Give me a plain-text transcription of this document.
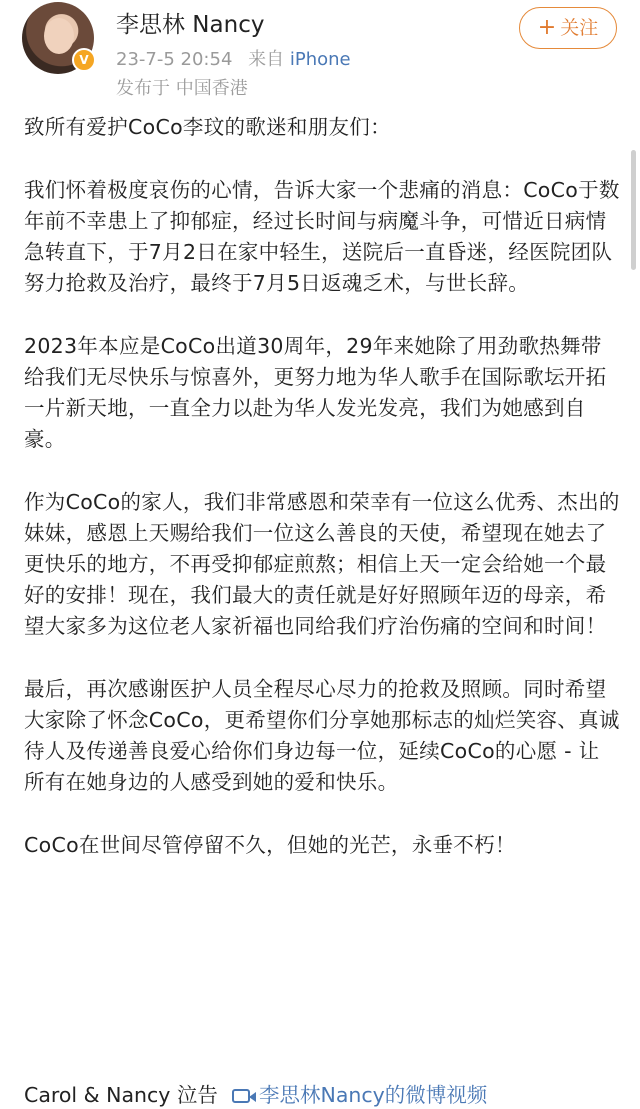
V
李思林 Nancy
23-7-5 20:54 来自 iPhone
发布于 中国香港
+ 关注

致所有爱护CoCo李玟的歌迷和朋友们：

我们怀着极度哀伤的心情，告诉大家一个悲痛的消息：CoCo于数年前不幸患上了抑郁症，经过长时间与病魔斗争，可惜近日病情急转直下，于7月2日在家中轻生，送院后一直昏迷，经医院团队努力抢救及治疗，最终于7月5日返魂乏术，与世长辞。

2023年本应是CoCo出道30周年，29年来她除了用劲歌热舞带给我们无尽快乐与惊喜外，更努力地为华人歌手在国际歌坛开拓一片新天地，一直全力以赴为华人发光发亮，我们为她感到自豪。

作为CoCo的家人，我们非常感恩和荣幸有一位这么优秀、杰出的妹妹，感恩上天赐给我们一位这么善良的天使，希望现在她去了更快乐的地方，不再受抑郁症煎熬；相信上天一定会给她一个最好的安排！现在，我们最大的责任就是好好照顾年迈的母亲，希望大家多为这位老人家祈福也同给我们疗治伤痛的空间和时间！

最后，再次感谢医护人员全程尽心尽力的抢救及照顾。同时希望大家除了怀念CoCo，更希望你们分享她那标志的灿烂笑容、真诚待人及传递善良爱心给你们身边每一位，延续CoCo的心愿 - 让所有在她身边的人感受到她的爱和快乐。

CoCo在世间尽管停留不久，但她的光芒，永垂不朽！

Carol & Nancy 泣告 李思林Nancy的微博视频
